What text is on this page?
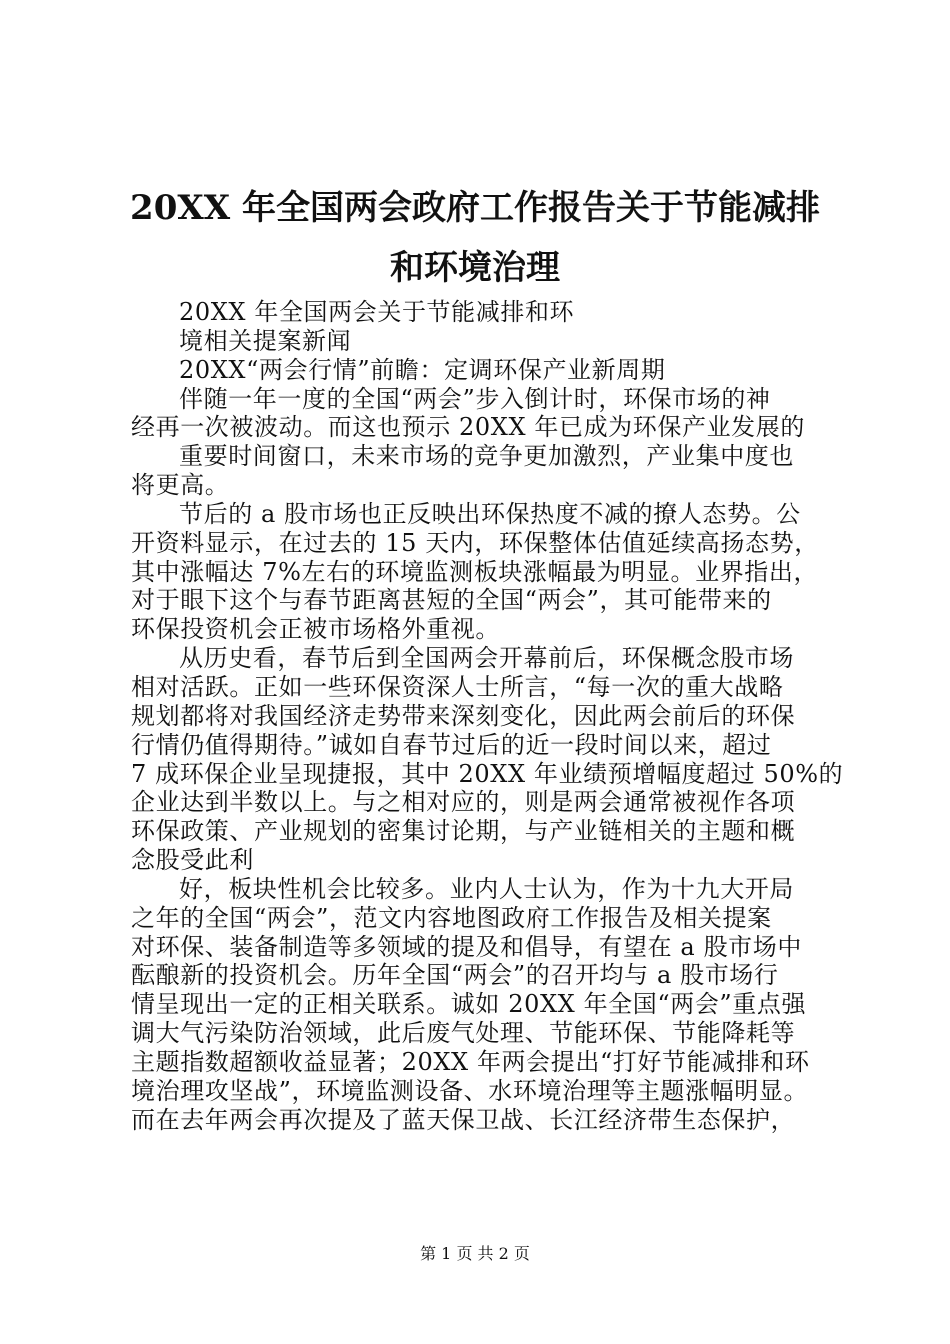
20XX 年全国两会政府工作报告关于节能减排
和环境治理
20XX 年全国两会关于节能减排和环
境相关提案新闻
20XX“两会行情”前瞻：定调环保产业新周期
伴随一年一度的全国“两会”步入倒计时，环保市场的神
经再一次被波动。而这也预示 20XX 年已成为环保产业发展的
重要时间窗口，未来市场的竞争更加激烈，产业集中度也
将更高。
节后的 a 股市场也正反映出环保热度不减的撩人态势。公
开资料显示，在过去的 15 天内，环保整体估值延续高扬态势，
其中涨幅达 7%左右的环境监测板块涨幅最为明显。业界指出，
对于眼下这个与春节距离甚短的全国“两会”，其可能带来的
环保投资机会正被市场格外重视。
从历史看，春节后到全国两会开幕前后，环保概念股市场
相对活跃。正如一些环保资深人士所言，“每一次的重大战略
规划都将对我国经济走势带来深刻变化，因此两会前后的环保
行情仍值得期待。”诚如自春节过后的近一段时间以来，超过
7 成环保企业呈现捷报，其中 20XX 年业绩预增幅度超过 50%的
企业达到半数以上。与之相对应的，则是两会通常被视作各项
环保政策、产业规划的密集讨论期，与产业链相关的主题和概
念股受此利
好，板块性机会比较多。业内人士认为，作为十九大开局
之年的全国“两会”，范文内容地图政府工作报告及相关提案
对环保、装备制造等多领域的提及和倡导，有望在 a 股市场中
酝酿新的投资机会。历年全国“两会”的召开均与 a 股市场行
情呈现出一定的正相关联系。诚如 20XX 年全国“两会”重点强
调大气污染防治领域，此后废气处理、节能环保、节能降耗等
主题指数超额收益显著；20XX 年两会提出“打好节能减排和环
境治理攻坚战”，环境监测设备、水环境治理等主题涨幅明显。
而在去年两会再次提及了蓝天保卫战、长江经济带生态保护，
第 1 页 共 2 页
